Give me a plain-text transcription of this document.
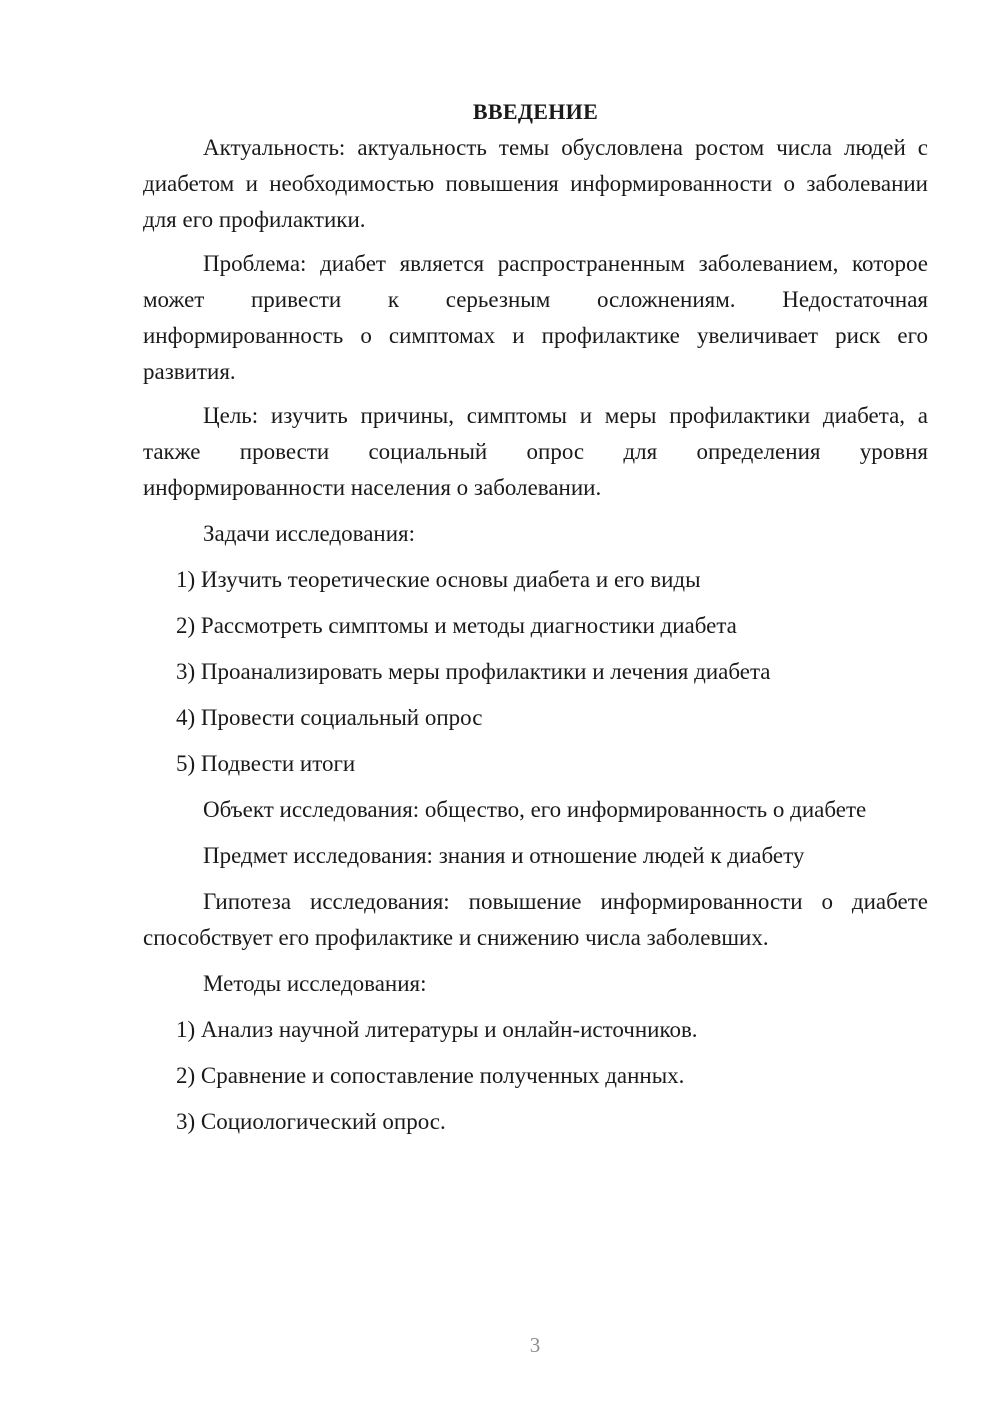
ВВЕДЕНИЕ

Актуальность: актуальность темы обусловлена ростом числа людей с диабетом и необходимостью повышения информированности о заболевании для его профилактики.

Проблема: диабет является распространенным заболеванием, которое может привести к серьезным осложнениям. Недостаточная информированность о симптомах и профилактике увеличивает риск его развития.

Цель: изучить причины, симптомы и меры профилактики диабета, а также провести социальный опрос для определения уровня информированности населения о заболевании.

Задачи исследования:

1) Изучить теоретические основы диабета и его виды
2) Рассмотреть симптомы и методы диагностики диабета
3) Проанализировать меры профилактики и лечения диабета
4) Провести социальный опрос
5) Подвести итоги

Объект исследования: общество, его информированность о диабете

Предмет исследования: знания и отношение людей к диабету

Гипотеза исследования: повышение информированности о диабете способствует его профилактике и снижению числа заболевших.

Методы исследования:

1) Анализ научной литературы и онлайн-источников.
2) Сравнение и сопоставление полученных данных.
3) Социологический опрос.
3
